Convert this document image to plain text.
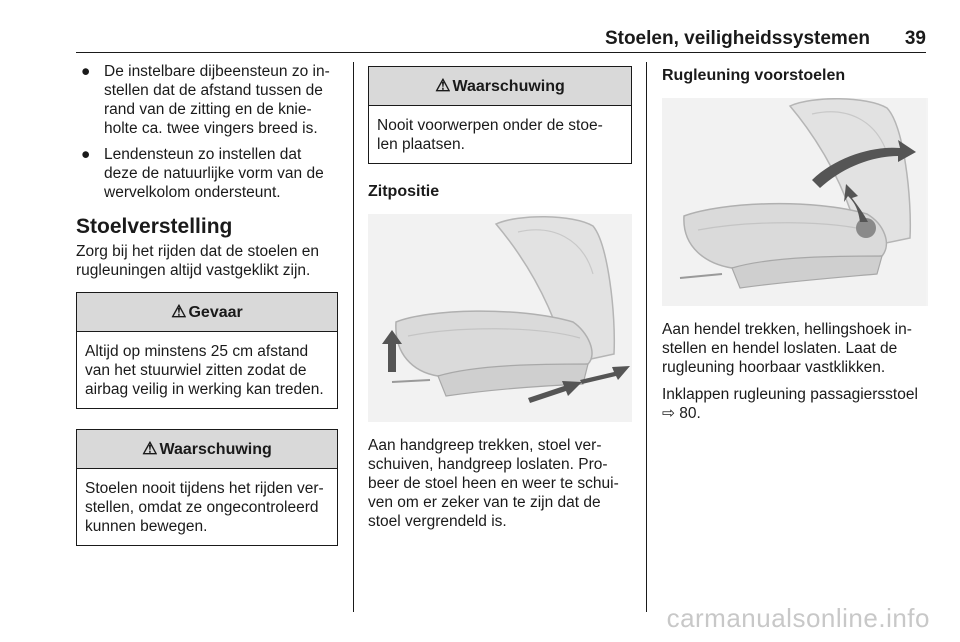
Stoelen, veiligheidssystemen 39
● De instelbare dijbeensteun zo in-stellen dat de afstand tussen de rand van de zitting en de knie-holte ca. twee vingers breed is.
● Lendensteun zo instellen dat deze de natuurlijke vorm van de wervelkolom ondersteunt.
Stoelverstelling

Zorg bij het rijden dat de stoelen en rugleuningen altijd vastgeklikt zijn.

⚠ Gevaar
Altijd op minstens 25 cm afstand van het stuurwiel zitten zodat de airbag veilig in werking kan treden.
⚠ Waarschuwing
Stoelen nooit tijdens het rijden ver-stellen, omdat ze ongecontroleerd kunnen bewegen.
⚠ Waarschuwing
Nooit voorwerpen onder de stoe-len plaatsen.
Zitpositie

Aan handgreep trekken, stoel ver-schuiven, handgreep loslaten. Pro-beer de stoel heen en weer te schui-ven om er zeker van te zijn dat de stoel vergrendeld is.

Rugleuning voorstoelen

Aan hendel trekken, hellingshoek in-stellen en hendel loslaten. Laat de rugleuning hoorbaar vastklikken.

Inklappen rugleuning passagiersstoel ⇨ 80.

carmanualsonline.info
